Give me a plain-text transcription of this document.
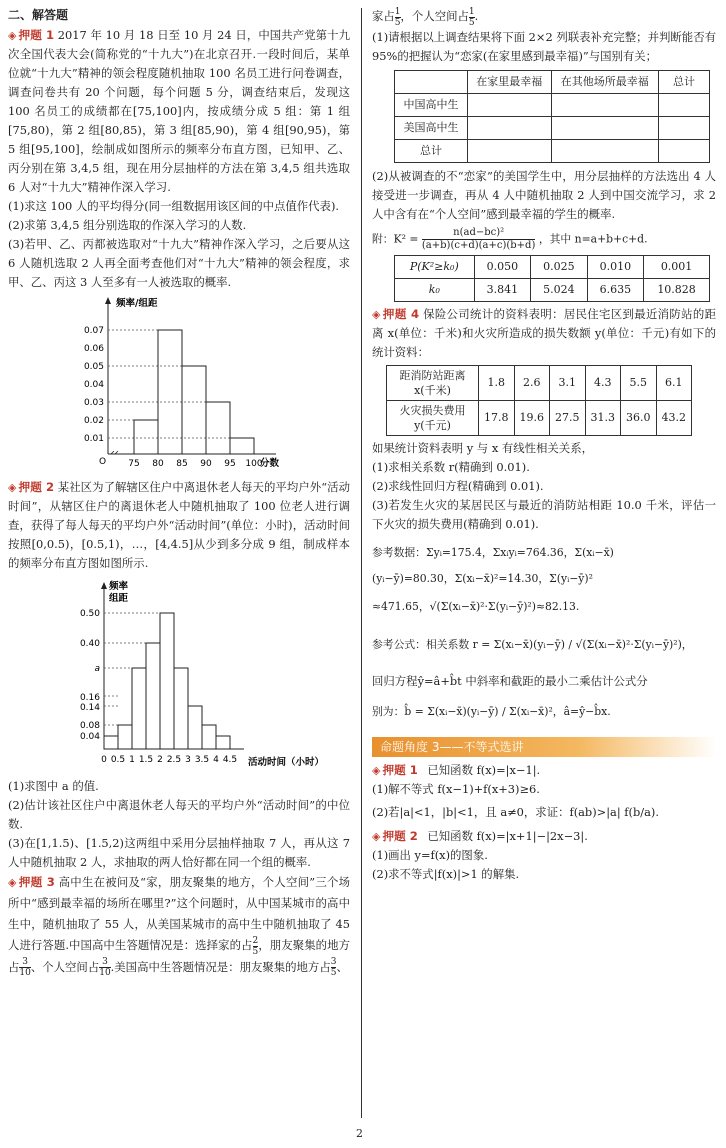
二、解答题

◈ 押题 1 2017 年 10 月 18 日至 10 月 24 日，中国共产党第十九次全国代表大会(简称党的“十九大”)在北京召开.一段时间后，某单位就“十九大”精神的领会程度随机抽取 100 名员工进行问卷调查，调查问卷共有 20 个问题，每个问题 5 分，调查结束后，发现这 100 名员工的成绩都在[75,100]内，按成绩分成 5 组：第 1 组[75,80)，第 2 组[80,85)，第 3 组[85,90)，第 4 组[90,95)，第 5 组[95,100]，绘制成如图所示的频率分布直方图，已知甲、乙、丙分别在第 3,4,5 组，现在用分层抽样的方法在第 3,4,5 组共选取 6 人对“十九大”精神作深入学习.

(1)求这 100 人的平均得分(同一组数据用该区间的中点值作代表).

(2)求第 3,4,5 组分别选取的作深入学习的人数.

(3)若甲、乙、丙都被选取对“十九大”精神作深入学习，之后要从这 6 人随机选取 2 人再全面考查他们对“十九大”精神的领会程度，求甲、乙、丙这 3 人至多有一人被选取的概率.

频率/组距
分数
O
0.07
0.06
0.05
0.04
0.03
0.02
0.01
75 80 85 90 95 100

◈ 押题 2 某社区为了解辖区住户中离退休老人每天的平均户外“活动时间”，从辖区住户的离退休老人中随机抽取了 100 位老人进行调查，获得了每人每天的平均户外“活动时间”(单位：小时)，活动时间按照[0,0.5)，[0.5,1)，…，[4,4.5]从少到多分成 9 组，制成样本的频率分布直方图如图所示.

频率
组距
活动时间（小时）
0.50
0.40
a
0.16
0.14
0.08
0.04
0 0.5 1 1.5 2 2.5 3 3.5 4 4.5

(1)求图中 a 的值.

(2)估计该社区住户中离退休老人每天的平均户外“活动时间”的中位数.

(3)在[1,1.5)、[1.5,2)这两组中采用分层抽样抽取 7 人，再从这 7 人中随机抽取 2 人，求抽取的两人恰好都在同一个组的概率.

◈ 押题 3 高中生在被问及“家，朋友聚集的地方，个人空间”三个场所中“感到最幸福的场所在哪里?”这个问题时，从中国某城市的高中生中，随机抽取了 55 人，从美国某城市的高中生中随机抽取了 45 人进行答题.中国高中生答题情况是：选择家的占 $\frac{2}{5}$ ，朋友聚集的地方占 $\frac{3}{10}$ 、个人空间占 $\frac{3}{10}$ .美国高中生答题情况是：朋友聚集的地方占 $\frac{3}{5}$ 、

家占 $\frac{1}{5}$ ，个人空间占 $\frac{1}{5}$ .

(1)请根据以上调查结果将下面 2×2 列联表补充完整；并判断能否有 95%的把握认为“恋家(在家里感到最幸福)”与国别有关；

	在家里最幸福	在其他场所最幸福	总计
中国高中生			
美国高中生			
总计			

(2)从被调查的不“恋家”的美国学生中，用分层抽样的方法选出 4 人接受进一步调查，再从 4 人中随机抽取 2 人到中国交流学习，求 2 人中含有在“个人空间”感到最幸福的学生的概率.

附：$K^2 = \frac{\text{n(ad−bc)²}}{(a+b)(c+d)(a+c)(b+d)}$ ，其中 n=a+b+c+d.

P(K²≥k₀)	0.050	0.025	0.010	0.001
k₀	3.841	5.024	6.635	10.828

◈ 押题 4 保险公司统计的资料表明：居民住宅区到最近消防站的距离 x(单位：千米)和火灾所造成的损失数额 y(单位：千元)有如下的统计资料：

距消防站距离x(千米)	1.8	2.6	3.1	4.3	5.5	6.1
火灾损失费用y(千元)	17.8	19.6	27.5	31.3	36.0	43.2

如果统计资料表明 y 与 x 有线性相关关系，

(1)求相关系数 r(精确到 0.01).

(2)求线性回归方程(精确到 0.01).

(3)若发生火灾的某居民区与最近的消防站相距 10.0 千米，评估一下火灾的损失费用(精确到 0.01).

参考数据：Σyᵢ=175.4，Σxᵢyᵢ=764.36，Σ(xᵢ−x̄)

(yᵢ−ȳ)=80.30，Σ(xᵢ−x̄)²=14.30，Σ(yᵢ−ȳ)²

≈471.65，√(Σ(xᵢ−x̄)²·Σ(yᵢ−ȳ)²)≈82.13.

参考公式：相关系数 r = Σ(xᵢ−x̄)(yᵢ−ȳ) / √(Σ(xᵢ−x̄)²·Σ(yᵢ−ȳ)²)，

回归方程ŷ=â+b̂t 中斜率和截距的最小二乘估计公式分

别为：b̂ = Σ(xᵢ−x̄)(yᵢ−ȳ) / Σ(xᵢ−x̄)²，â=ŷ−b̂x.

命题角度 3——不等式选讲

◈ 押题 1 已知函数 f(x)=|x−1|.

(1)解不等式 f(x−1)+f(x+3)≥6.

(2)若|a|<1，|b|<1，且 a≠0，求证：f(ab)>|a| f(b/a).

◈ 押题 2 已知函数 f(x)=|x+1|−|2x−3|.

(1)画出 y=f(x)的图象.

(2)求不等式|f(x)|>1 的解集.

2
